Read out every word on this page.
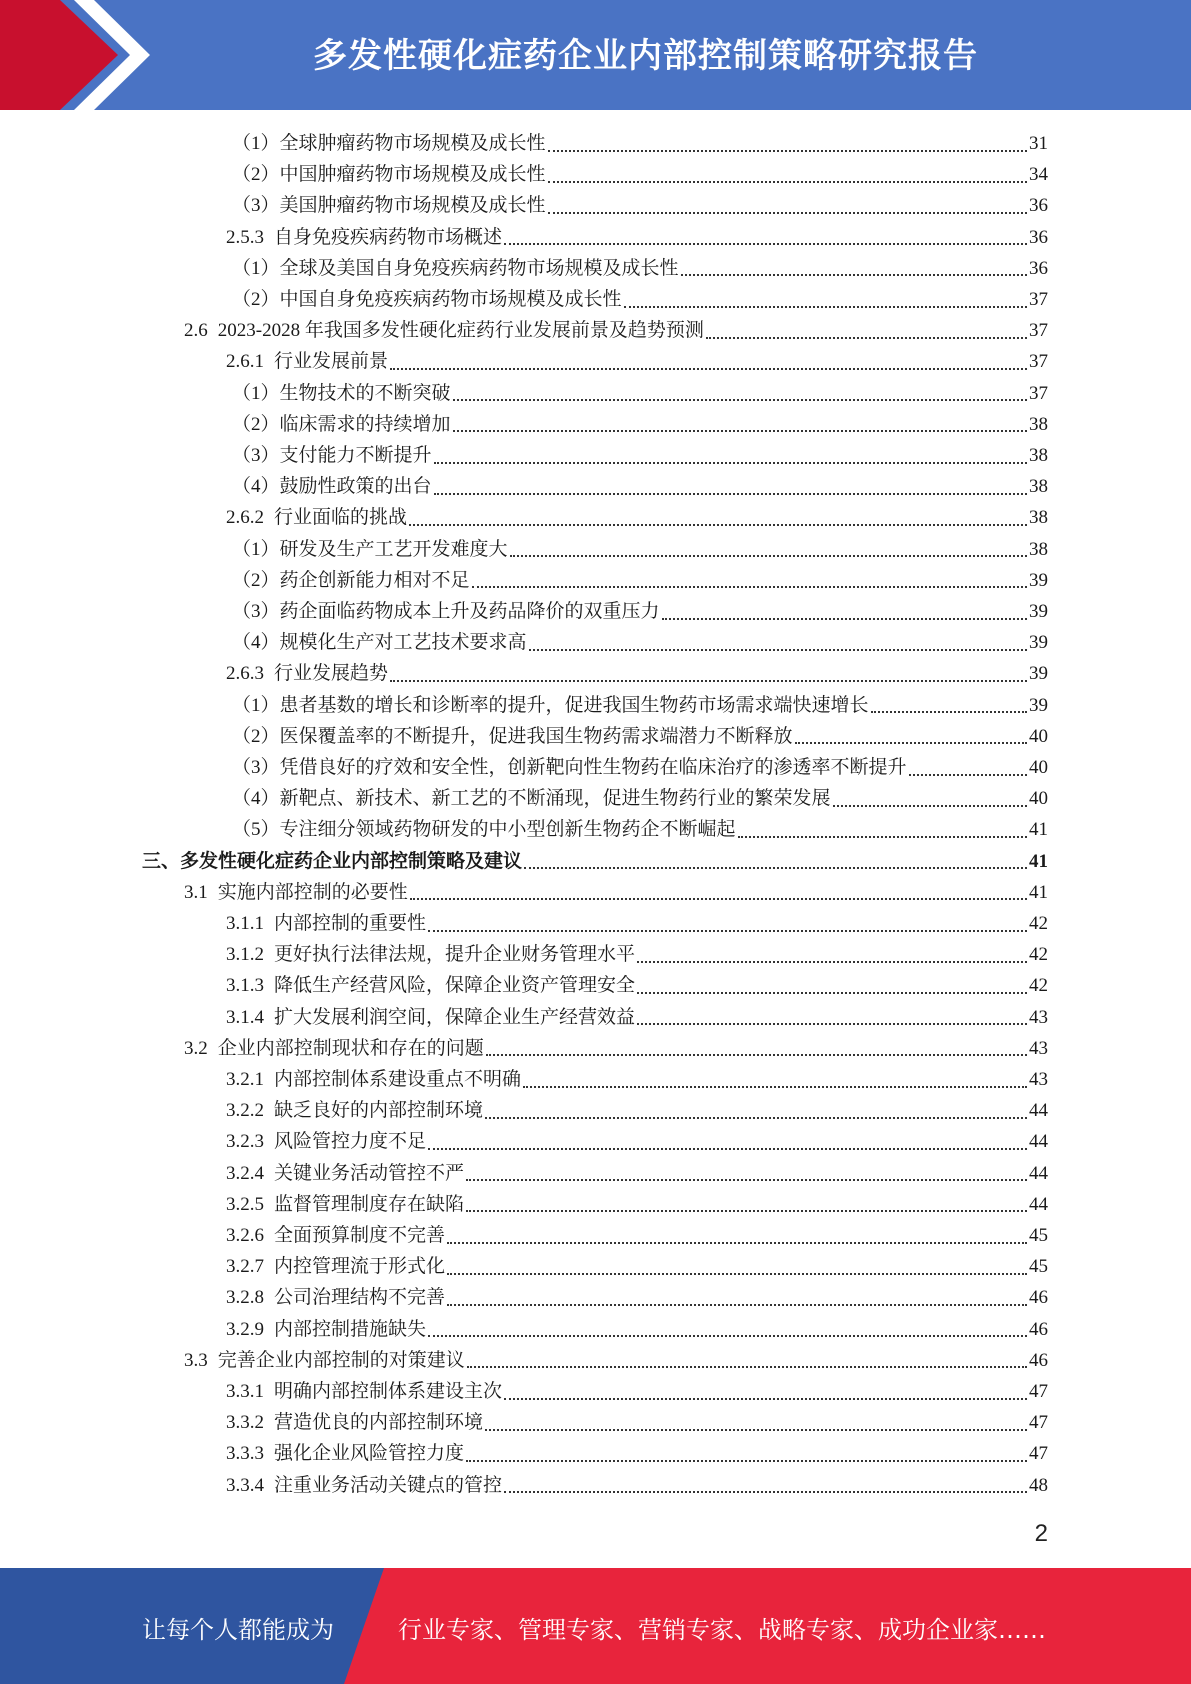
多发性硬化症药企业内部控制策略研究报告
（1） 全球肿瘤药物市场规模及成长性	31
（2） 中国肿瘤药物市场规模及成长性	34
（3） 美国肿瘤药物市场规模及成长性	36
2.5.3 自身免疫疾病药物市场概述	36
（1） 全球及美国自身免疫疾病药物市场规模及成长性	36
（2） 中国自身免疫疾病药物市场规模及成长性	37
2.6 2023-2028 年我国多发性硬化症药行业发展前景及趋势预测	37
2.6.1 行业发展前景	37
（1） 生物技术的不断突破	37
（2） 临床需求的持续增加	38
（3） 支付能力不断提升	38
（4） 鼓励性政策的出台	38
2.6.2 行业面临的挑战	38
（1） 研发及生产工艺开发难度大	38
（2） 药企创新能力相对不足	39
（3） 药企面临药物成本上升及药品降价的双重压力	39
（4） 规模化生产对工艺技术要求高	39
2.6.3 行业发展趋势	39
（1） 患者基数的增长和诊断率的提升，促进我国生物药市场需求端快速增长	39
（2） 医保覆盖率的不断提升，促进我国生物药需求端潜力不断释放	40
（3） 凭借良好的疗效和安全性，创新靶向性生物药在临床治疗的渗透率不断提升	40
（4） 新靶点、新技术、新工艺的不断涌现，促进生物药行业的繁荣发展	40
（5） 专注细分领域药物研发的中小型创新生物药企不断崛起	41
三、 多发性硬化症药企业内部控制策略及建议	41
3.1 实施内部控制的必要性	41
3.1.1 内部控制的重要性	42
3.1.2 更好执行法律法规，提升企业财务管理水平	42
3.1.3 降低生产经营风险，保障企业资产管理安全	42
3.1.4 扩大发展利润空间，保障企业生产经营效益	43
3.2 企业内部控制现状和存在的问题	43
3.2.1 内部控制体系建设重点不明确	43
3.2.2 缺乏良好的内部控制环境	44
3.2.3 风险管控力度不足	44
3.2.4 关键业务活动管控不严	44
3.2.5 监督管理制度存在缺陷	44
3.2.6 全面预算制度不完善	45
3.2.7 内控管理流于形式化	45
3.2.8 公司治理结构不完善	46
3.2.9 内部控制措施缺失	46
3.3 完善企业内部控制的对策建议	46
3.3.1 明确内部控制体系建设主次	47
3.3.2 营造优良的内部控制环境	47
3.3.3 强化企业风险管控力度	47
3.3.4 注重业务活动关键点的管控	48
2
让每个人都能成为	行业专家、管理专家、营销专家、战略专家、成功企业家……
